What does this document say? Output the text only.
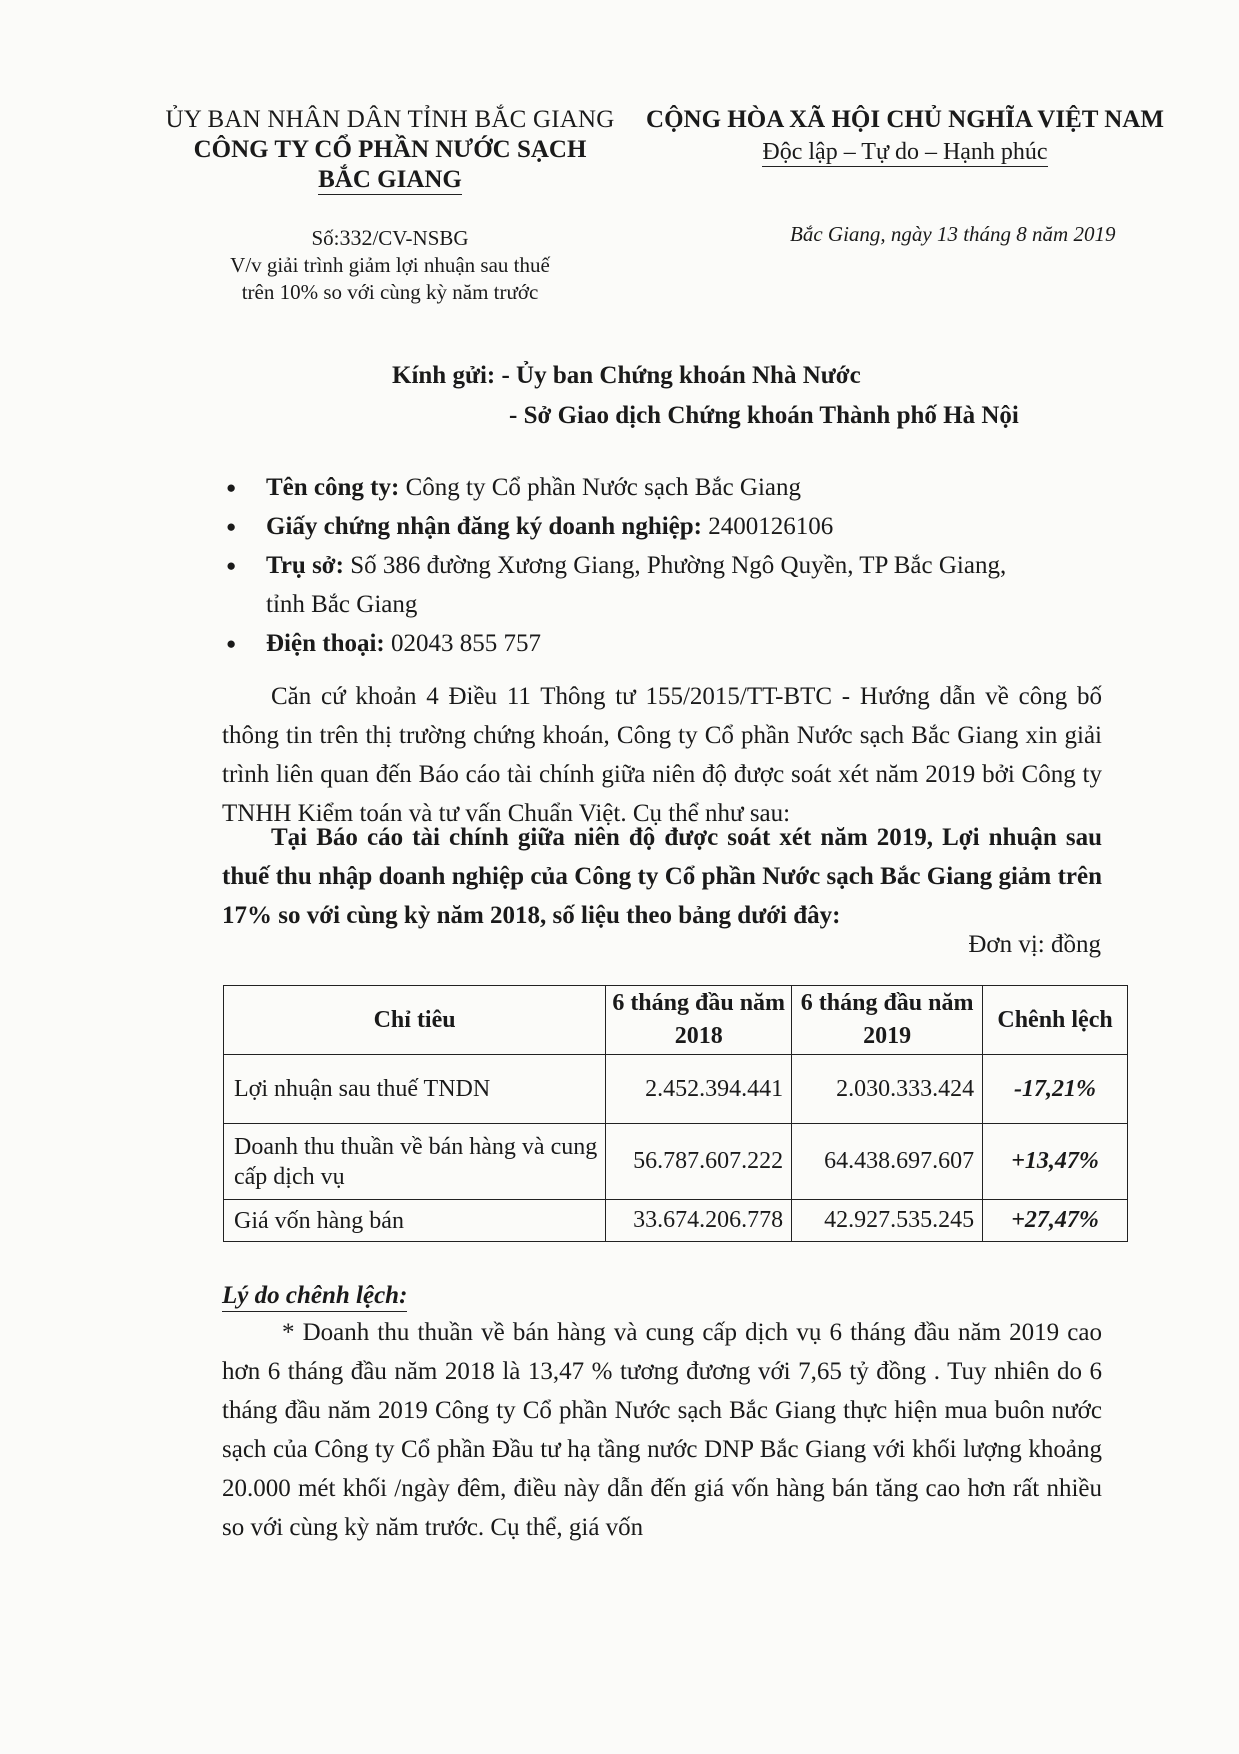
ỦY BAN NHÂN DÂN TỈNH BẮC GIANG
CÔNG TY CỔ PHẦN NƯỚC SẠCH
BẮC GIANG
CỘNG HÒA XÃ HỘI CHỦ NGHĨA VIỆT NAM
Độc lập – Tự do – Hạnh phúc
Số:332/CV-NSBG
V/v giải trình giảm lợi nhuận sau thuế
trên 10% so với cùng kỳ năm trước
Bắc Giang, ngày 13 tháng 8 năm 2019
Kính gửi: - Ủy ban Chứng khoán Nhà Nước
- Sở Giao dịch Chứng khoán Thành phố Hà Nội
● Tên công ty: Công ty Cổ phần Nước sạch Bắc Giang
● Giấy chứng nhận đăng ký doanh nghiệp: 2400126106
● Trụ sở: Số 386 đường Xương Giang, Phường Ngô Quyền, TP Bắc Giang,
tỉnh Bắc Giang
● Điện thoại: 02043 855 757
Căn cứ khoản 4 Điều 11 Thông tư 155/2015/TT-BTC - Hướng dẫn về công bố thông tin trên thị trường chứng khoán, Công ty Cổ phần Nước sạch Bắc Giang xin giải trình liên quan đến Báo cáo tài chính giữa niên độ được soát xét năm 2019 bởi Công ty TNHH Kiểm toán và tư vấn Chuẩn Việt. Cụ thể như sau:
Tại Báo cáo tài chính giữa niên độ được soát xét năm 2019, Lợi nhuận sau thuế thu nhập doanh nghiệp của Công ty Cổ phần Nước sạch Bắc Giang giảm trên 17% so với cùng kỳ năm 2018, số liệu theo bảng dưới đây:
Đơn vị: đồng
Chỉ tiêu	6 tháng đầu năm 2018	6 tháng đầu năm 2019	Chênh lệch
Lợi nhuận sau thuế TNDN	2.452.394.441	2.030.333.424	-17,21%
Doanh thu thuần về bán hàng và cung cấp dịch vụ	56.787.607.222	64.438.697.607	+13,47%
Giá vốn hàng bán	33.674.206.778	42.927.535.245	+27,47%
Lý do chênh lệch:
* Doanh thu thuần về bán hàng và cung cấp dịch vụ 6 tháng đầu năm 2019 cao hơn 6 tháng đầu năm 2018 là 13,47 % tương đương với 7,65 tỷ đồng . Tuy nhiên do 6 tháng đầu năm 2019 Công ty Cổ phần Nước sạch Bắc Giang thực hiện mua buôn nước sạch của Công ty Cổ phần Đầu tư hạ tầng nước DNP Bắc Giang với khối lượng khoảng 20.000 mét khối /ngày đêm, điều này dẫn đến giá vốn hàng bán tăng cao hơn rất nhiều so với cùng kỳ năm trước. Cụ thể, giá vốn
